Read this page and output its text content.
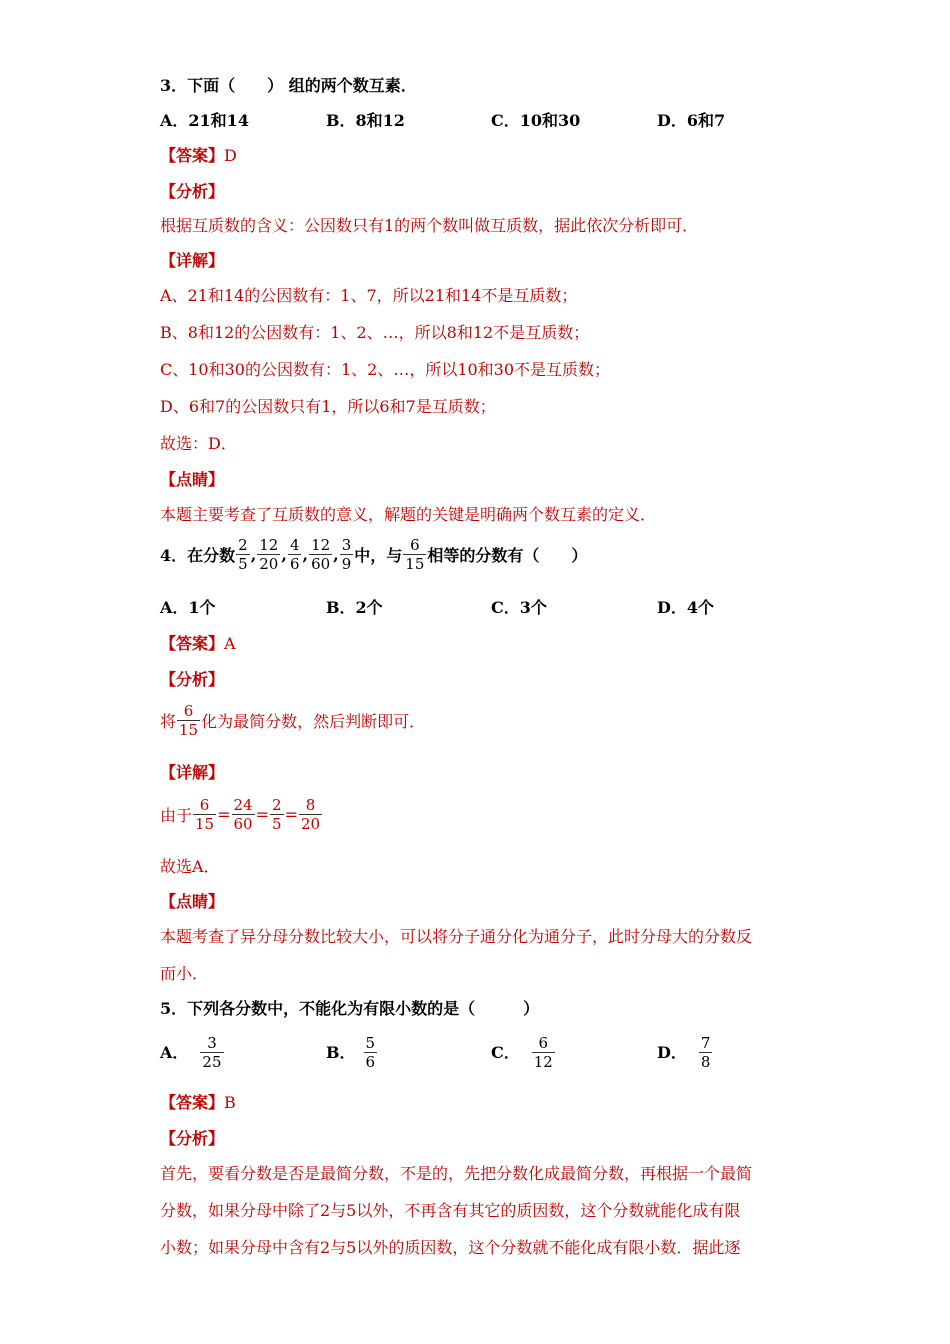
3．下面（　　） 组的两个数互素．
A．21和14	B．8和12	C．10和30	D．6和7
【答案】D
【分析】
根据互质数的含义：公因数只有1的两个数叫做互质数，据此依次分析即可．
【详解】
A、21和14的公因数有：1、7，所以21和14不是互质数；
B、8和12的公因数有：1、2、…，所以8和12不是互质数；
C、10和30的公因数有：1、2、…，所以10和30不是互质数；
D、6和7的公因数只有1，所以6和7是互质数；
故选：D．
【点睛】
本题主要考查了互质数的意义，解题的关键是明确两个数互素的定义．
4．在分数 $\frac{2}{5}$ , $\frac{12}{20}$ , $\frac{4}{6}$ , $\frac{12}{60}$ , $\frac{3}{9}$ 中，与 $\frac{6}{15}$ 相等的分数有（　　）
A．1个	B．2个	C．3个	D．4个
【答案】A
【分析】
将 $\frac{6}{15}$ 化为最简分数，然后判断即可．
【详解】
由于 $\frac{6}{15} = \frac{24}{60} = \frac{2}{5} = \frac{8}{20}$
故选A．
【点睛】
本题考查了异分母分数比较大小，可以将分子通分化为通分子，此时分母大的分数反
而小．
5．下列各分数中，不能化为有限小数的是（　　　）
A． $\frac{3}{25}$	B． $\frac{5}{6}$	C． $\frac{6}{12}$	D． $\frac{7}{8}$
【答案】B
【分析】
首先，要看分数是否是最简分数，不是的，先把分数化成最简分数，再根据一个最简
分数，如果分母中除了2与5以外，不再含有其它的质因数，这个分数就能化成有限
小数；如果分母中含有2与5以外的质因数，这个分数就不能化成有限小数．据此逐
